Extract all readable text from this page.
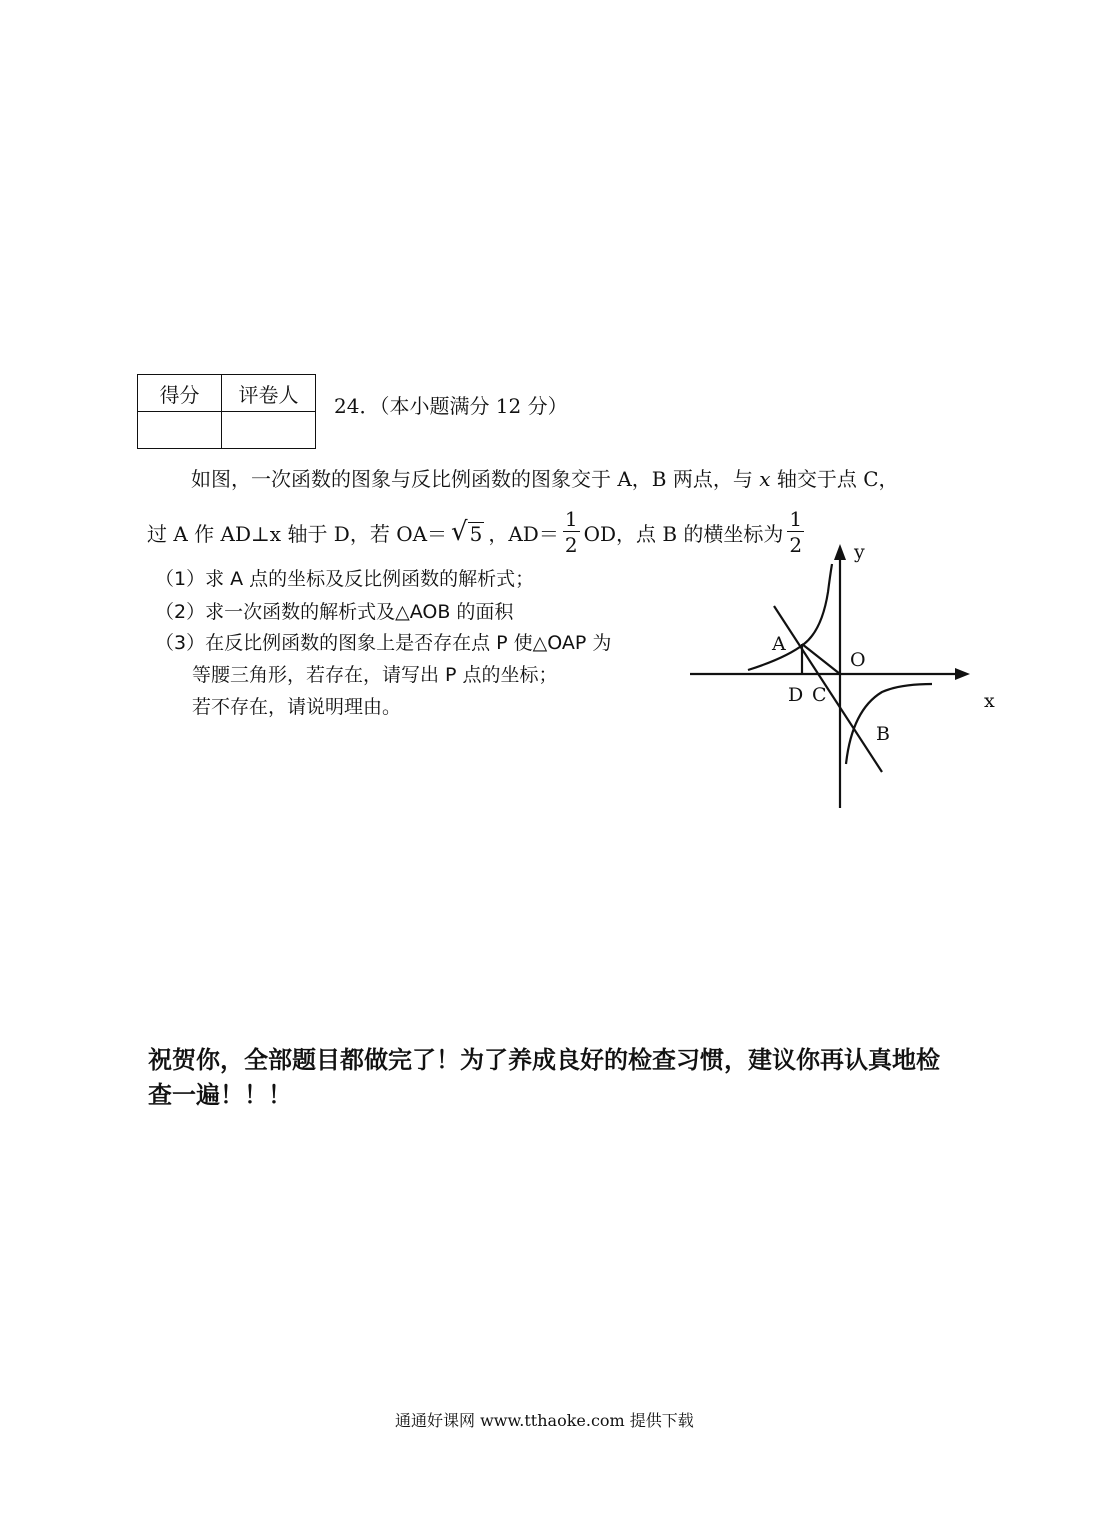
得分	评卷人
	24．（本小题满分 12 分）
如图，一次函数的图象与反比例函数的图象交于 A，B 两点，与 x 轴交于点 C，
过 A 作 AD⊥x 轴于 D，若 OA＝ √ 5 ，$AD= \frac{1}{2}$ OD，点 B 的横坐标为 $\frac{1}{2}$
（1）求 A 点的坐标及反比例函数的解析式；
（2）求一次函数的解析式及△AOB 的面积
（3）在反比例函数的图象上是否存在点 P 使△OAP 为
等腰三角形，若存在，请写出 P 点的坐标；
若不存在，请说明理由。
y
x
O
A
B
C
D
祝贺你，全部题目都做完了！为了养成良好的检查习惯，建议你再认真地检
查一遍！！！
通通好课网 www.tthaoke.com 提供下载
